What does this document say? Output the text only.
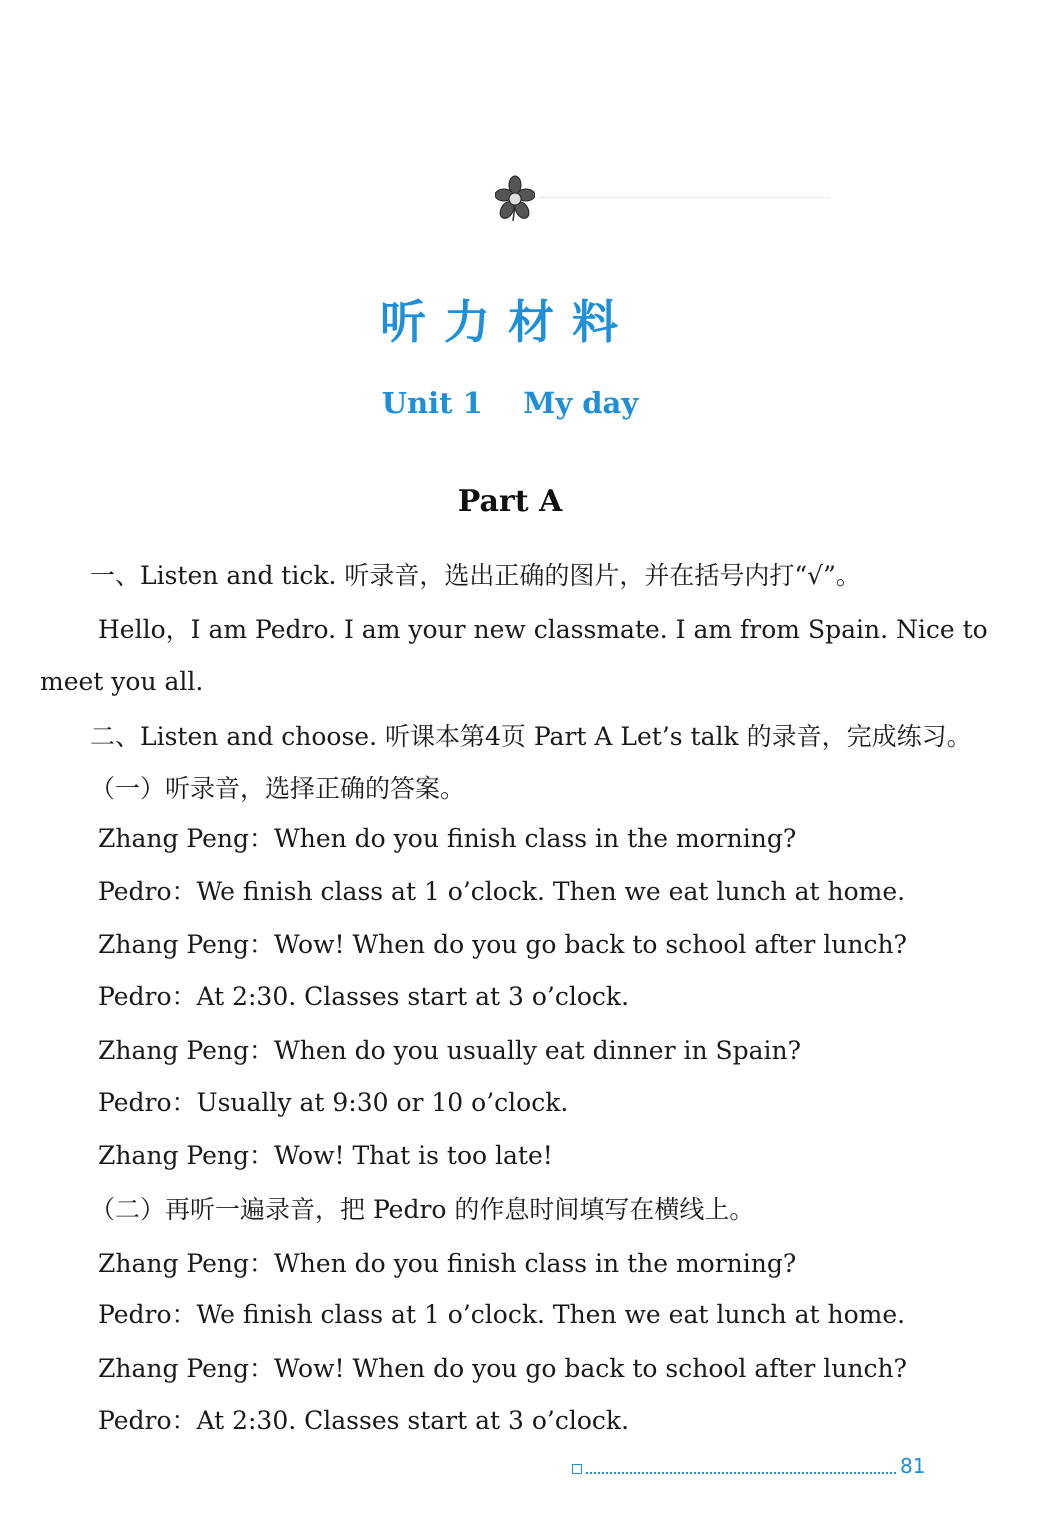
听力材料
Unit 1    My day
Part A
一、Listen and tick. 听录音，选出正确的图片，并在括号内打“√”。
Hello，I am Pedro. I am your new classmate. I am from Spain. Nice to
meet you all.
二、Listen and choose. 听课本第4页 Part A Let’s talk 的录音，完成练习。
（一）听录音，选择正确的答案。
Zhang Peng：When do you finish class in the morning?
Pedro：We finish class at 1 o’clock. Then we eat lunch at home.
Zhang Peng：Wow! When do you go back to school after lunch?
Pedro：At 2:30. Classes start at 3 o’clock.
Zhang Peng：When do you usually eat dinner in Spain?
Pedro：Usually at 9:30 or 10 o’clock.
Zhang Peng：Wow! That is too late!
（二）再听一遍录音，把 Pedro 的作息时间填写在横线上。
Zhang Peng：When do you finish class in the morning?
Pedro：We finish class at 1 o’clock. Then we eat lunch at home.
Zhang Peng：Wow! When do you go back to school after lunch?
Pedro：At 2:30. Classes start at 3 o’clock.
81
